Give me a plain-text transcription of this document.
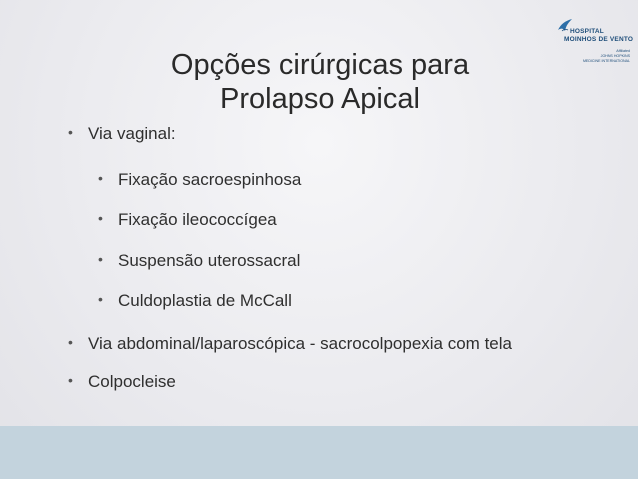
HOSPITAL
MOINHOS DE VENTO
Affiliated
JOHNS HOPKINS
MEDICINE INTERNATIONAL
Opções cirúrgicas para
Prolapso Apical
• Via vaginal:
• Fixação sacroespinhosa
• Fixação ileococcígea
• Suspensão uterossacral
• Culdoplastia de McCall
• Via abdominal/laparoscópica - sacrocolpopexia com tela
• Colpocleise
